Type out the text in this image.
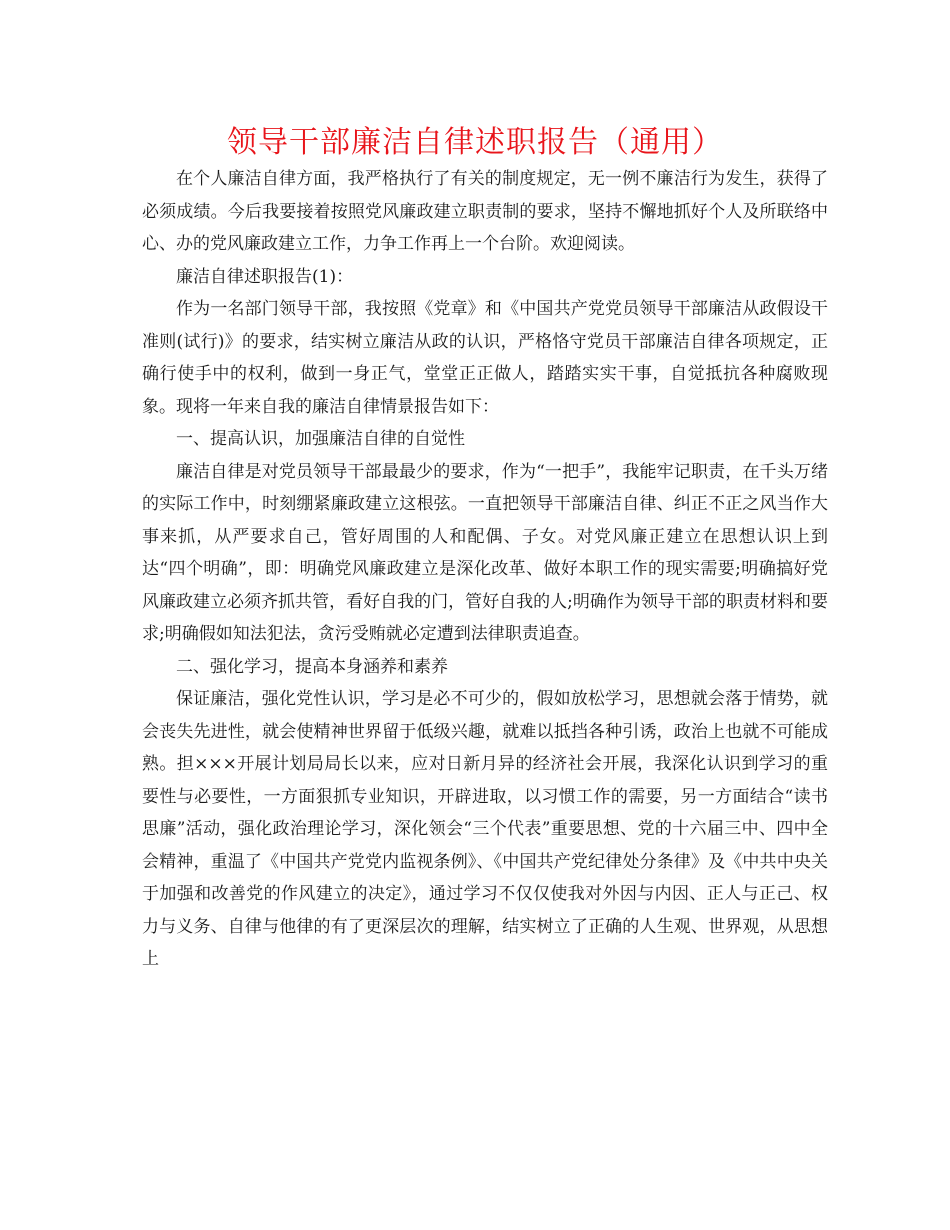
领导干部廉洁自律述职报告（通用）

在个人廉洁自律方面，我严格执行了有关的制度规定，无一例不廉洁行为发生，获得了必须成绩。今后我要接着按照党风廉政建立职责制的要求，坚持不懈地抓好个人及所联络中心、办的党风廉政建立工作，力争工作再上一个台阶。欢迎阅读。

廉洁自律述职报告(1)：

作为一名部门领导干部，我按照《党章》和《中国共产党党员领导干部廉洁从政假设干准则(试行)》的要求，结实树立廉洁从政的认识，严格恪守党员干部廉洁自律各项规定，正确行使手中的权利，做到一身正气，堂堂正正做人，踏踏实实干事，自觉抵抗各种腐败现象。现将一年来自我的廉洁自律情景报告如下：

一、提高认识，加强廉洁自律的自觉性

廉洁自律是对党员领导干部最最少的要求，作为“一把手”，我能牢记职责，在千头万绪的实际工作中，时刻绷紧廉政建立这根弦。一直把领导干部廉洁自律、纠正不正之风当作大事来抓，从严要求自己，管好周围的人和配偶、子女。对党风廉正建立在思想认识上到达“四个明确”，即：明确党风廉政建立是深化改革、做好本职工作的现实需要;明确搞好党风廉政建立必须齐抓共管，看好自我的门，管好自我的人;明确作为领导干部的职责材料和要求;明确假如知法犯法，贪污受贿就必定遭到法律职责追查。

二、强化学习，提高本身涵养和素养

保证廉洁，强化党性认识，学习是必不可少的，假如放松学习，思想就会落于情势，就会丧失先进性，就会使精神世界留于低级兴趣，就难以抵挡各种引诱，政治上也就不可能成熟。担×××开展计划局局长以来，应对日新月异的经济社会开展，我深化认识到学习的重要性与必要性，一方面狠抓专业知识，开辟进取，以习惯工作的需要，另一方面结合“读书思廉”活动，强化政治理论学习，深化领会“三个代表”重要思想、党的十六届三中、四中全会精神，重温了《中国共产党党内监视条例》、《中国共产党纪律处分条律》及《中共中央关于加强和改善党的作风建立的决定》，通过学习不仅仅使我对外因与内因、正人与正己、权力与义务、自律与他律的有了更深层次的理解，结实树立了正确的人生观、世界观，从思想上
